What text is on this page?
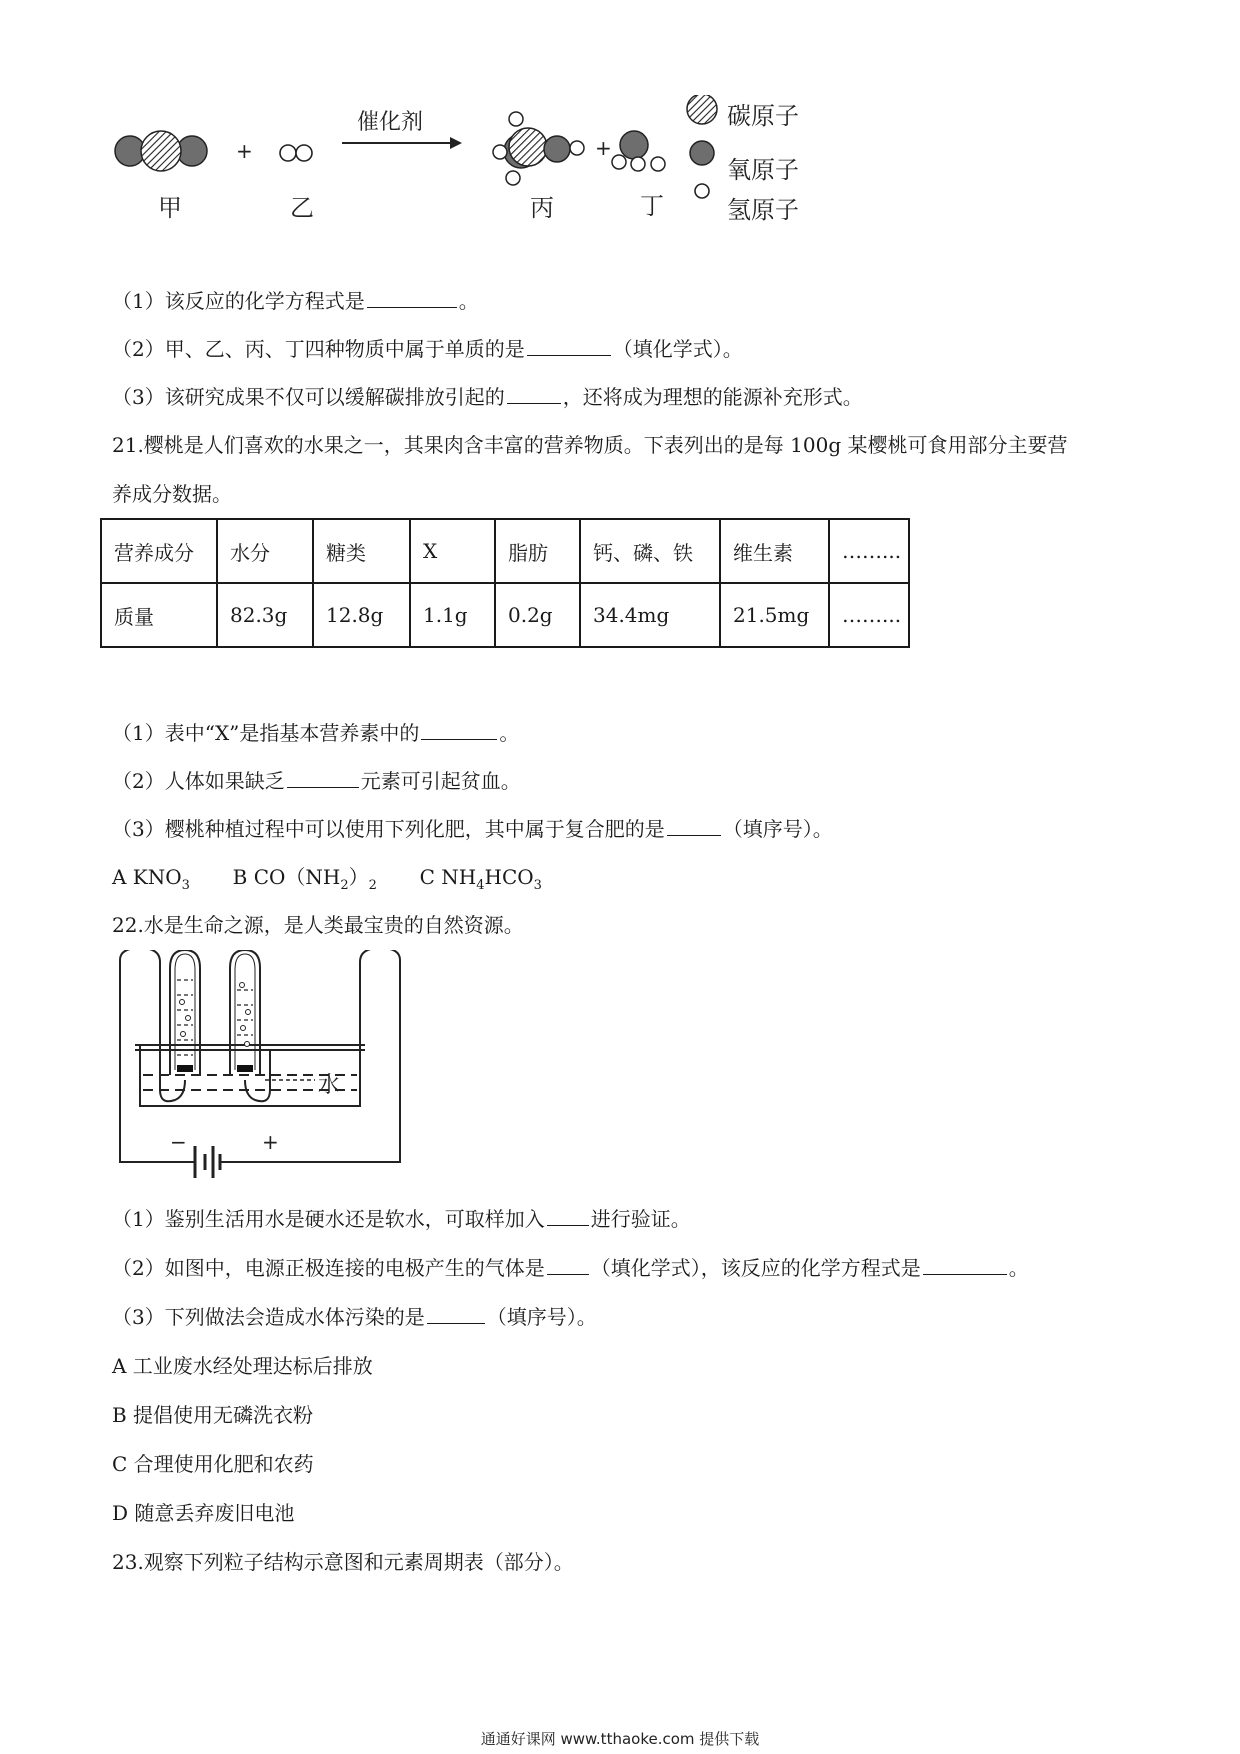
+
催化剂
+
甲	乙	丙	丁
碳原子
氧原子
氢原子
（1）该反应的化学方程式是	。
（2）甲、乙、丙、丁四种物质中属于单质的是	（填化学式）。
（3）该研究成果不仅可以缓解碳排放引起的	，还将成为理想的能源补充形式。
21.樱桃是人们喜欢的水果之一，其果肉含丰富的营养物质。下表列出的是每 100g 某樱桃可食用部分主要营
养成分数据。
营养成分	水分	糖类	X	脂肪	钙、磷、铁	维生素	……...
质量	82.3g	12.8g	1.1g	0.2g	34.4mg	21.5mg	……...
（1）表中“X”是指基本营养素中的	。
（2）人体如果缺乏	元素可引起贫血。
（3）樱桃种植过程中可以使用下列化肥，其中属于复合肥的是	（填序号）。
A $KNO_3$ B $CO(NH_2)_2$ C $NH_4HCO_3$
22.水是生命之源，是人类最宝贵的自然资源。
水
−	+
（1）鉴别生活用水是硬水还是软水，可取样加入 进行验证。
（2）如图中，电源正极连接的电极产生的气体是 （填化学式），该反应的化学方程式是	。
（3）下列做法会造成水体污染的是	（填序号）。
A 工业废水经处理达标后排放
B 提倡使用无磷洗衣粉
C 合理使用化肥和农药
D 随意丢弃废旧电池
23.观察下列粒子结构示意图和元素周期表（部分）。
通通好课网 www.tthaoke.com 提供下载
